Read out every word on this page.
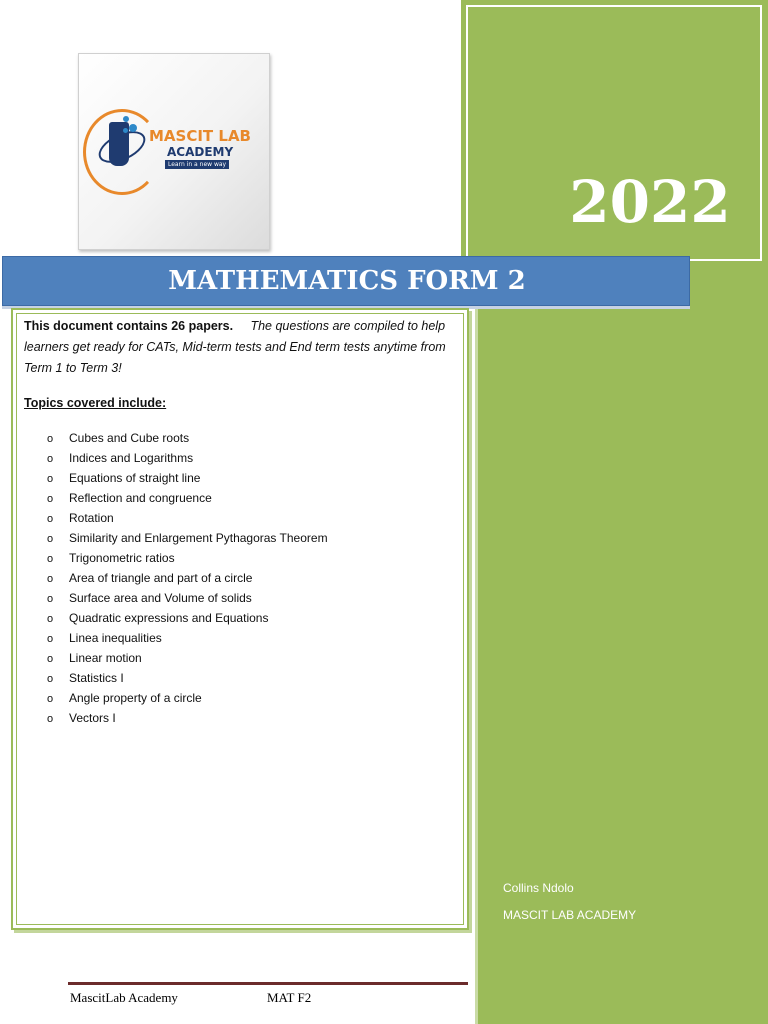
2022
Collins Ndolo
MASCIT LAB ACADEMY
MASCIT LAB
ACADEMY
Learn in a new way
MATHEMATICS FORM 2
This document contains 26 papers. The questions are compiled to help learners get ready for CATs, Mid-term tests and End term tests anytime from Term 1 to Term 3!
Topics covered include:
o Cubes and Cube roots
o Indices and Logarithms
o Equations of straight line
o Reflection and congruence
o Rotation
o Similarity and Enlargement Pythagoras Theorem
o Trigonometric ratios
o Area of triangle and part of a circle
o Surface area and Volume of solids
o Quadratic expressions and Equations
o Linea inequalities
o Linear motion
o Statistics I
o Angle property of a circle
o Vectors I
MascitLab Academy	MAT F2
